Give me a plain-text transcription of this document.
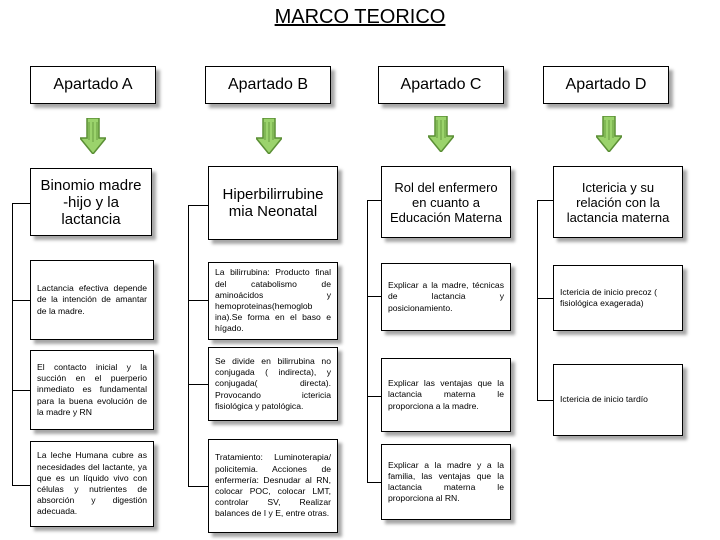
MARCO TEORICO
Apartado A	Apartado B	Apartado C	Apartado D
Binomio madre -hijo y la lactancia
Hiperbilirrubine mia Neonatal
Rol del enfermero en cuanto a Educación Materna
Ictericia y su relación con la lactancia materna
Lactancia efectiva depende de la intención de amantar de la madre.
El contacto inicial y la succión en el puerperio inmediato es fundamental para la buena evolución de la madre y RN
La leche Humana cubre as necesidades del lactante, ya que es un líquido vivo con células y nutrientes de absorción y digestión adecuada.
La bilirrubina: Producto final del catabolismo de aminoácidos y hemoproteinas(hemoglob ina).Se forma en el baso e hígado.
Se divide en bilirrubina no conjugada ( indirecta), y conjugada( directa). Provocando ictericia fisiológica y patológica.
Tratamiento: Luminoterapia/ policitemia. Acciones de enfermería: Desnudar al RN, colocar POC, colocar LMT, controlar SV, Realizar balances de I y E, entre otras.
Explicar a la madre, técnicas de lactancia y posicionamiento.
Explicar las ventajas que la lactancia materna le proporciona a la madre.
Explicar a la madre y a la familia, las ventajas que la lactancia materna le proporciona al RN.
Ictericia de inicio precoz ( fisiológica exagerada)
Ictericia de inicio tardío
